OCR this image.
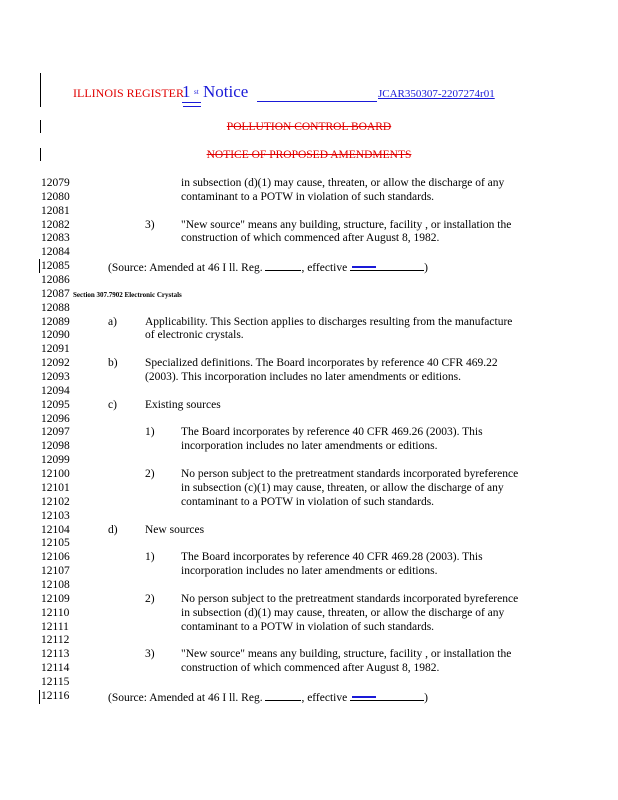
ILLINOIS REGISTER
1 st Notice	JCAR350307-2207274r01
POLLUTION CONTROL BOARD
NOTICE OF PROPOSED AMENDMENTS
12079	in subsection (d)(1) may cause, threaten, or allow the discharge of any
12080	contaminant to a POTW in violation of such standards.
12081
12082	3) "New source" means any building, structure, facility , or installation the
12083	construction of which commenced after August 8, 1982.
12084
12085	(Source: Amended at 46 I ll. Reg.	, effective	)
12086
12087 Section 307.7902 Electronic Crystals
12088
12089	a) Applicability. This Section applies to discharges resulting from the manufacture
12090	of electronic crystals.
12091
12092	b) Specialized definitions. The Board incorporates by reference 40 CFR 469.22
12093	(2003). This incorporation includes no later amendments or editions.
12094
12095	c) Existing sources
12096
12097	1) The Board incorporates by reference 40 CFR 469.26 (2003). This
12098	incorporation includes no later amendments or editions.
12099
12100	2) No person subject to the pretreatment standards incorporated byreference
12101	in subsection (c)(1) may cause, threaten, or allow the discharge of any
12102	contaminant to a POTW in violation of such standards.
12103
12104	d) New sources
12105
12106	1) The Board incorporates by reference 40 CFR 469.28 (2003). This
12107	incorporation includes no later amendments or editions.
12108
12109	2) No person subject to the pretreatment standards incorporated byreference
12110	in subsection (d)(1) may cause, threaten, or allow the discharge of any
12111	contaminant to a POTW in violation of such standards.
12112
12113	3) "New source" means any building, structure, facility , or installation the
12114	construction of which commenced after August 8, 1982.
12115
12116	(Source: Amended at 46 I ll. Reg.	, effective	)
